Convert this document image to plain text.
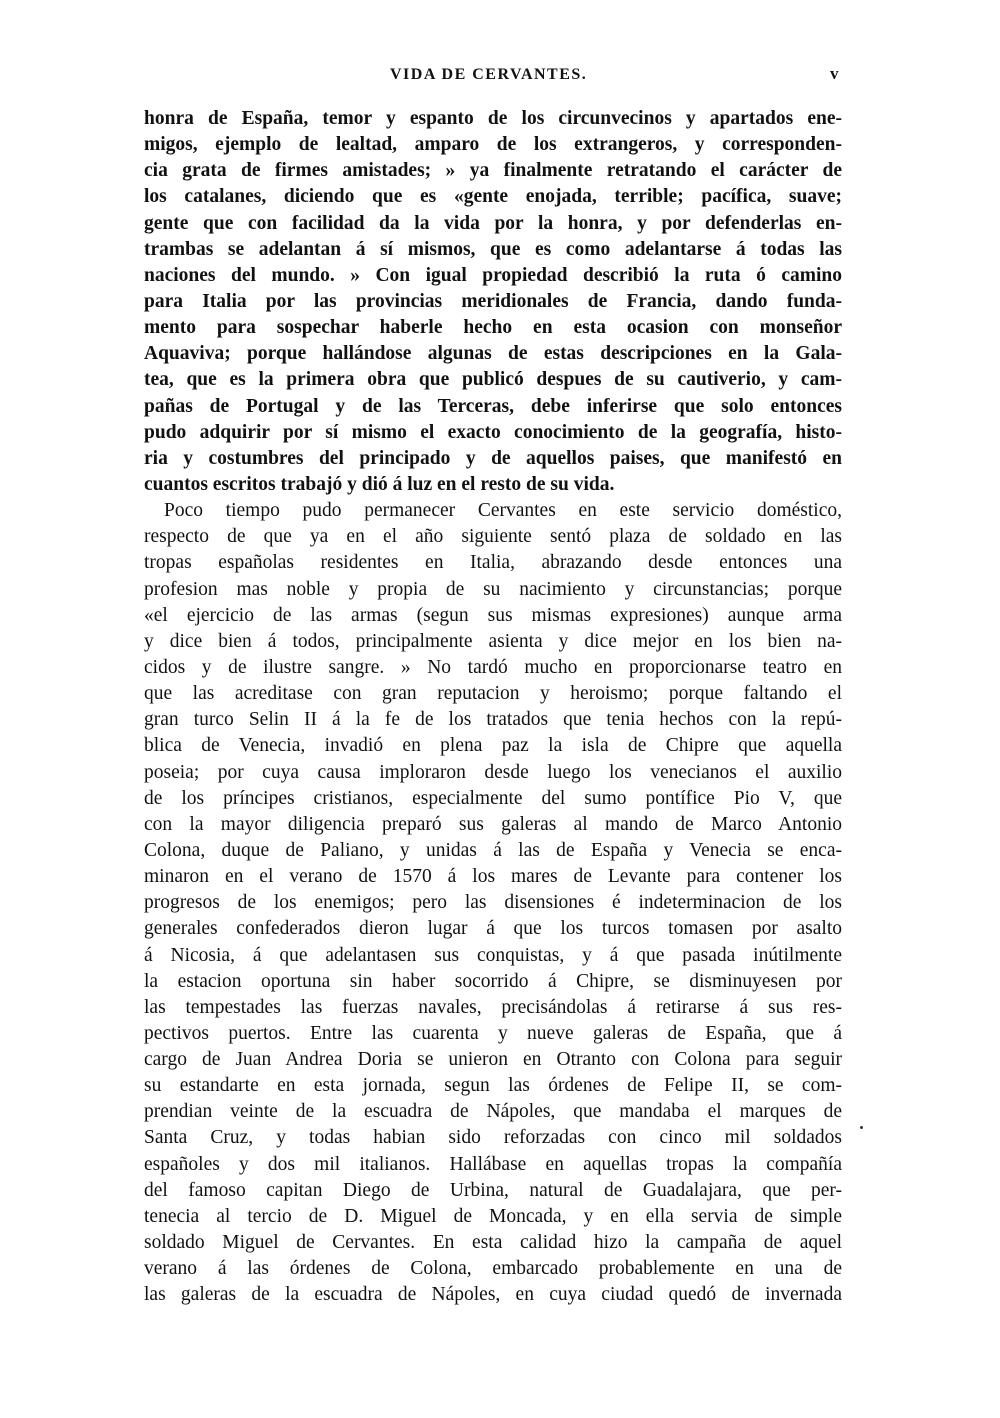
VIDA DE CERVANTES.	v
honra de España, temor y espanto de los circunvecinos y apartados ene-
migos, ejemplo de lealtad, amparo de los extrangeros, y corresponden-
cia grata de firmes amistades; » ya finalmente retratando el carácter de
los catalanes, diciendo que es «gente enojada, terrible; pacífica, suave;
gente que con facilidad da la vida por la honra, y por defenderlas en-
trambas se adelantan á sí mismos, que es como adelantarse á todas las
naciones del mundo. » Con igual propiedad describió la ruta ó camino
para Italia por las provincias meridionales de Francia, dando funda-
mento para sospechar haberle hecho en esta ocasion con monseñor
Aquaviva; porque hallándose algunas de estas descripciones en la Gala-
tea, que es la primera obra que publicó despues de su cautiverio, y cam-
pañas de Portugal y de las Terceras, debe inferirse que solo entonces
pudo adquirir por sí mismo el exacto conocimiento de la geografía, histo-
ria y costumbres del principado y de aquellos paises, que manifestó en
cuantos escritos trabajó y dió á luz en el resto de su vida.
Poco tiempo pudo permanecer Cervantes en este servicio doméstico,
respecto de que ya en el año siguiente sentó plaza de soldado en las
tropas españolas residentes en Italia, abrazando desde entonces una
profesion mas noble y propia de su nacimiento y circunstancias; porque
«el ejercicio de las armas (segun sus mismas expresiones) aunque arma
y dice bien á todos, principalmente asienta y dice mejor en los bien na-
cidos y de ilustre sangre. » No tardó mucho en proporcionarse teatro en
que las acreditase con gran reputacion y heroismo; porque faltando el
gran turco Selin II á la fe de los tratados que tenia hechos con la repú-
blica de Venecia, invadió en plena paz la isla de Chipre que aquella
poseia; por cuya causa imploraron desde luego los venecianos el auxilio
de los príncipes cristianos, especialmente del sumo pontífice Pio V, que
con la mayor diligencia preparó sus galeras al mando de Marco Antonio
Colona, duque de Paliano, y unidas á las de España y Venecia se enca-
minaron en el verano de 1570 á los mares de Levante para contener los
progresos de los enemigos; pero las disensiones é indeterminacion de los
generales confederados dieron lugar á que los turcos tomasen por asalto
á Nicosia, á que adelantasen sus conquistas, y á que pasada inútilmente
la estacion oportuna sin haber socorrido á Chipre, se disminuyesen por
las tempestades las fuerzas navales, precisándolas á retirarse á sus res-
pectivos puertos. Entre las cuarenta y nueve galeras de España, que á
cargo de Juan Andrea Doria se unieron en Otranto con Colona para seguir
su estandarte en esta jornada, segun las órdenes de Felipe II, se com-
prendian veinte de la escuadra de Nápoles, que mandaba el marques de
Santa Cruz, y todas habian sido reforzadas con cinco mil soldados
españoles y dos mil italianos. Hallábase en aquellas tropas la compañía
del famoso capitan Diego de Urbina, natural de Guadalajara, que per-
tenecia al tercio de D. Miguel de Moncada, y en ella servia de simple
soldado Miguel de Cervantes. En esta calidad hizo la campaña de aquel
verano á las órdenes de Colona, embarcado probablemente en una de
las galeras de la escuadra de Nápoles, en cuya ciudad quedó de invernada
